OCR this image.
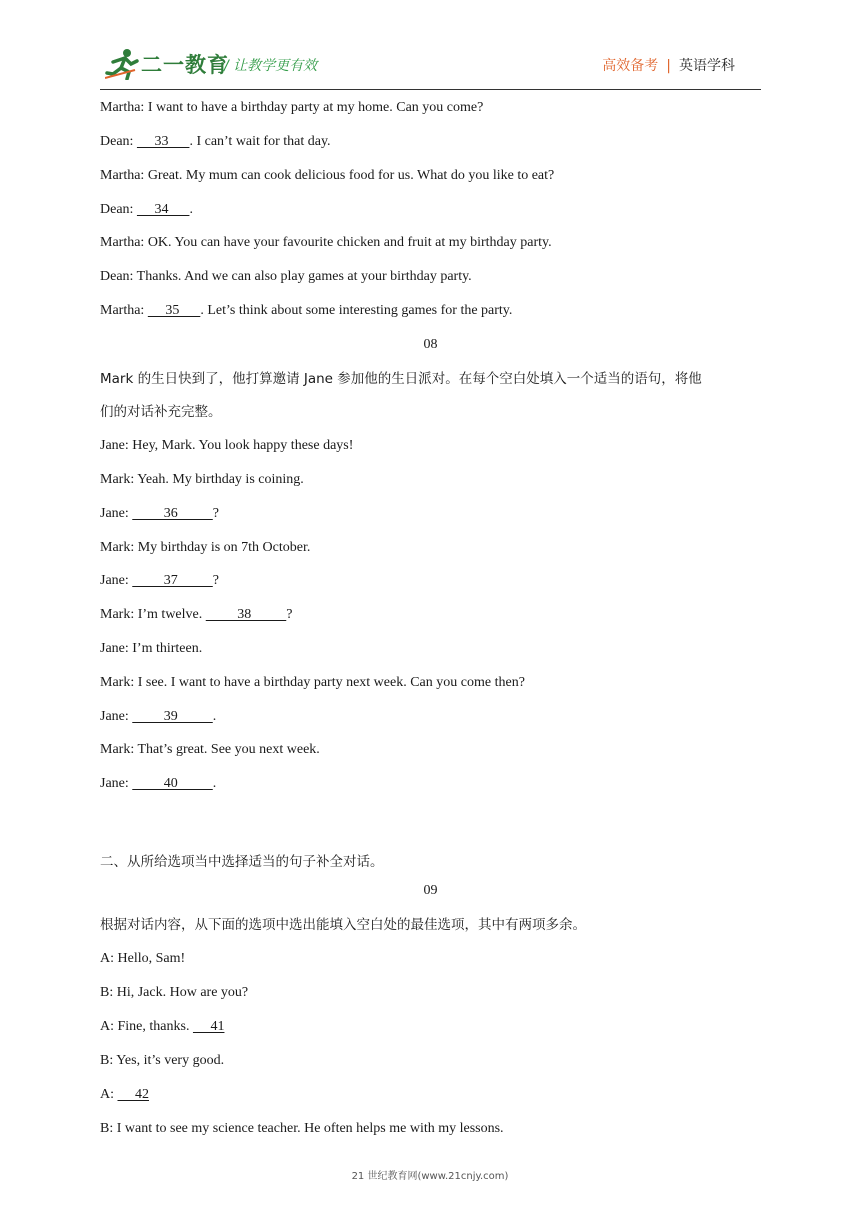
二一教育
/ 让教学更有效	高效备考 | 英语学科
Martha: I want to have a birthday party at my home. Can you come?
Dean:      33      . I can’t wait for that day.
Martha: Great. My mum can cook delicious food for us. What do you like to eat?
Dean:      34      .
Martha: OK. You can have your favourite chicken and fruit at my birthday party.
Dean: Thanks. And we can also play games at your birthday party.
Martha:      35      . Let’s think about some interesting games for the party.
08
Mark 的生日快到了，他打算邀请 Jane 参加他的生日派对。在每个空白处填入一个适当的语句，将他
们的对话补充完整。
Jane: Hey, Mark. You look happy these days!
Mark: Yeah. My birthday is coining.
Jane:          36          ?
Mark: My birthday is on 7th October.
Jane:          37          ?
Mark: I’m twelve.          38          ?
Jane: I’m thirteen.
Mark: I see. I want to have a birthday party next week. Can you come then?
Jane:          39          .
Mark: That’s great. See you next week.
Jane:          40          .
二、从所给选项当中选择适当的句子补全对话。
09
根据对话内容，从下面的选项中选出能填入空白处的最佳选项，其中有两项多余。
A: Hello, Sam!
B: Hi, Jack. How are you?
A: Fine, thanks.      41
B: Yes, it’s very good.
A:      42
B: I want to see my science teacher. He often helps me with my lessons.
21 世纪教育网(www.21cnjy.com)
